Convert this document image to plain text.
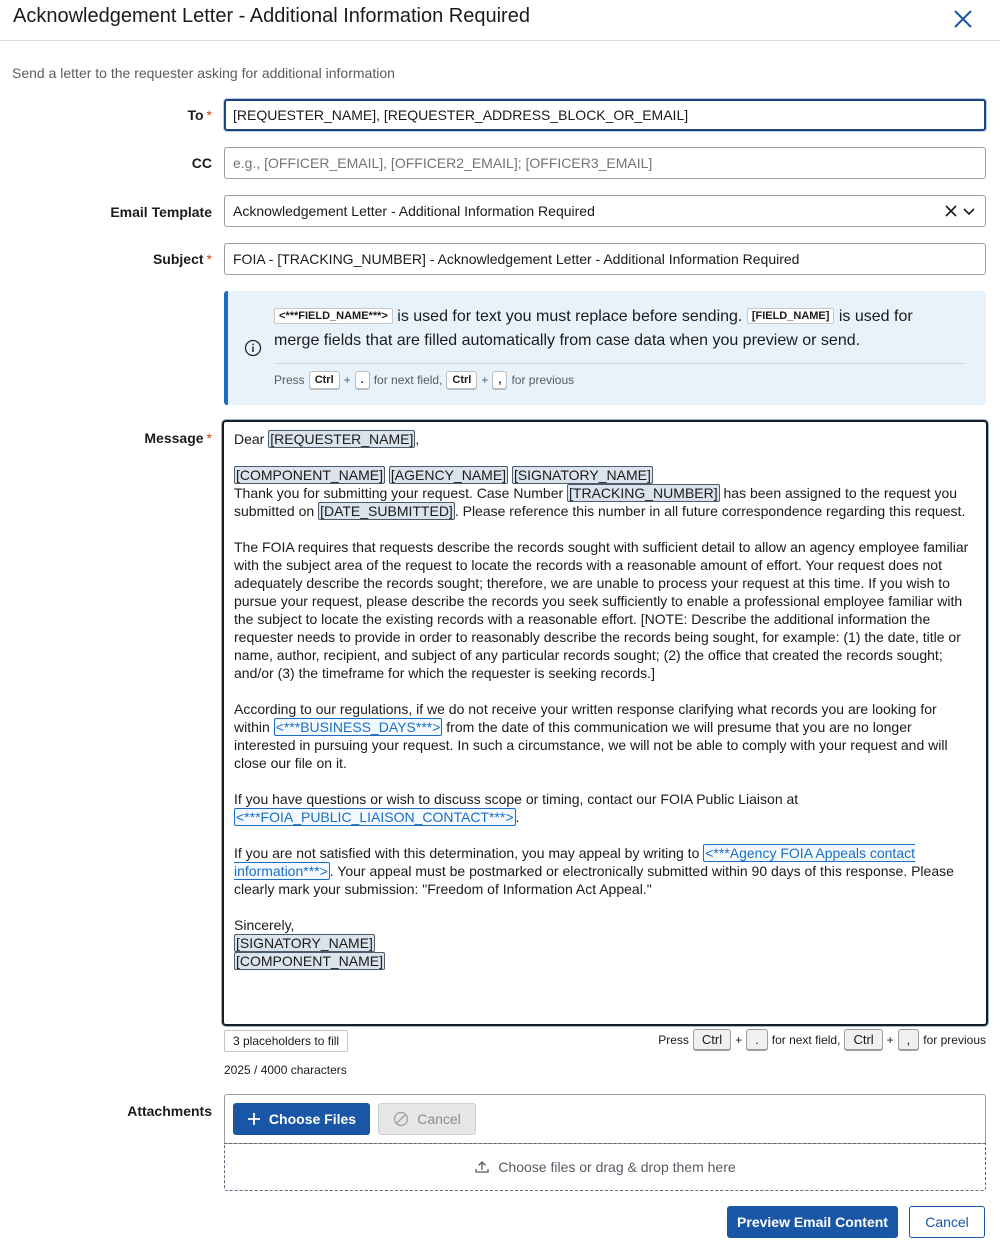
Acknowledgement Letter - Additional Information Required
Send a letter to the requester asking for additional information
To * [REQUESTER_NAME], [REQUESTER_ADDRESS_BLOCK_OR_EMAIL]
CC
e.g., [OFFICER_EMAIL], [OFFICER2_EMAIL]; [OFFICER3_EMAIL]
Email Template Acknowledgement Letter - Additional Information Required
Subject * FOIA - [TRACKING_NUMBER] - Acknowledgement Letter - Additional Information Required
<***FIELD_NAME***> is used for text you must replace before sending. [FIELD_NAME] is used for
merge fields that are filled automatically from case data when you preview or send.
Press Ctrl + . for next field, Ctrl + , for previous
Message * Dear [REQUESTER_NAME] ,

[COMPONENT_NAME] [AGENCY_NAME] [SIGNATORY_NAME]

Thank you for submitting your request. Case Number [TRACKING_NUMBER] has been assigned to the request you submitted on [DATE_SUBMITTED] . Please reference this number in all future correspondence regarding this request.

The FOIA requires that requests describe the records sought with sufficient detail to allow an agency employee familiar with the subject area of the request to locate the records with a reasonable amount of effort. Your request does not adequately describe the records sought; therefore, we are unable to process your request at this time. If you wish to pursue your request, please describe the records you seek sufficiently to enable a professional employee familiar with the subject to locate the existing records with a reasonable effort. [NOTE: Describe the additional information the requester needs to provide in order to reasonably describe the records being sought, for example: (1) the date, title or name, author, recipient, and subject of any particular records sought; (2) the office that created the records sought; and/or (3) the timeframe for which the requester is seeking records.]

According to our regulations, if we do not receive your written response clarifying what records you are looking for within <***BUSINESS_DAYS***> from the date of this communication we will presume that you are no longer interested in pursuing your request. In such a circumstance, we will not be able to comply with your request and will close our file on it.

If you have questions or wish to discuss scope or timing, contact our FOIA Public Liaison at <***FOIA_PUBLIC_LIAISON_CONTACT***> .

If you are not satisfied with this determination, you may appeal by writing to <***Agency FOIA Appeals contact information***> . Your appeal must be postmarked or electronically submitted within 90 days of this response. Please clearly mark your submission: "Freedom of Information Act Appeal."

Sincerely,

[SIGNATORY_NAME]

[COMPONENT_NAME]

3 placeholders to fill	Press	Ctrl	+	.	for next field,	Ctrl	+	,	for previous
2025 / 4000 characters
Attachments	Choose Files	Cancel
Choose files or drag & drop them here
Preview Email Content	Cancel
